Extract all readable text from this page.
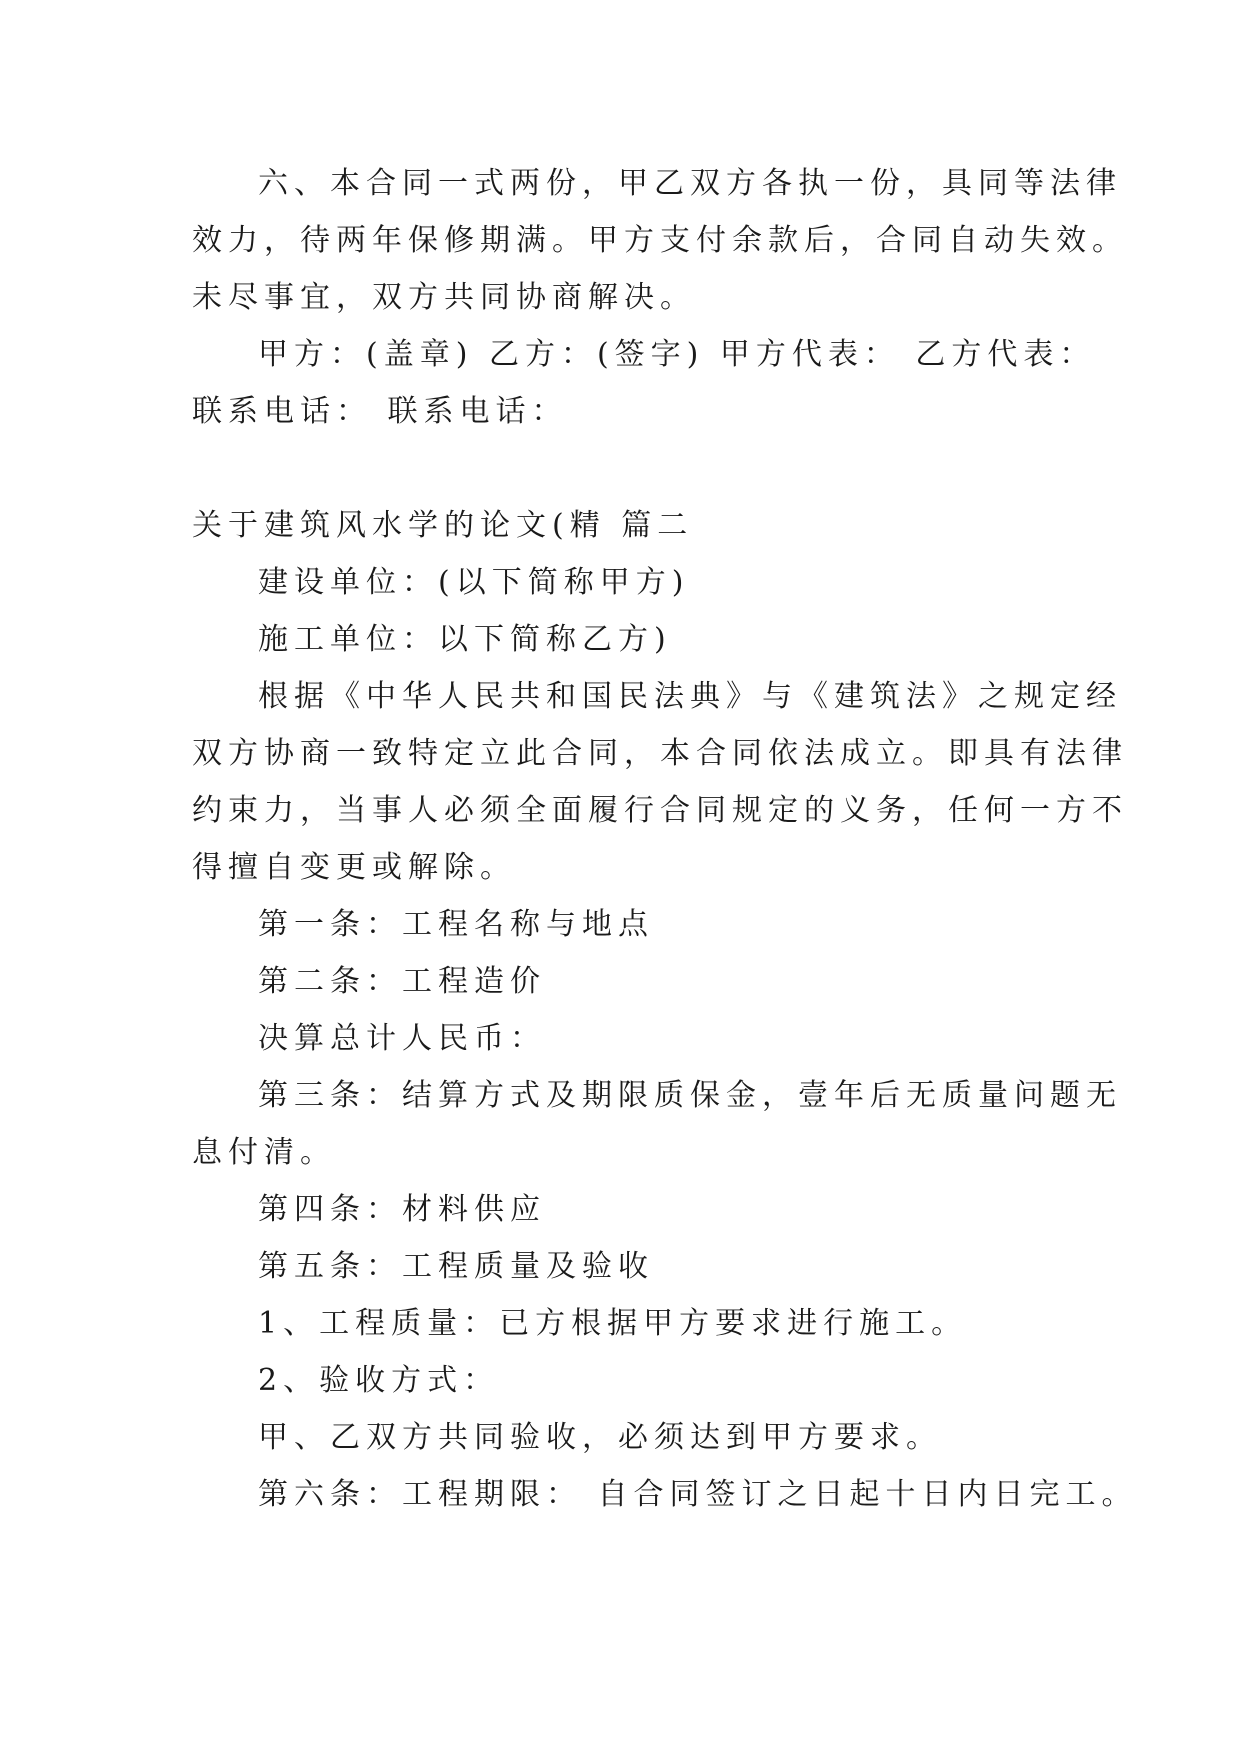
六、本合同一式两份，甲乙双方各执一份，具同等法律
效力，待两年保修期满。甲方支付余款后，合同自动失效。
未尽事宜，双方共同协商解决。
甲方：(盖章) 乙方：(签字) 甲方代表： 乙方代表：
联系电话： 联系电话：
关于建筑风水学的论文(精 篇二
建设单位：(以下简称甲方)
施工单位：以下简称乙方)
根据《中华人民共和国民法典》与《建筑法》之规定经
双方协商一致特定立此合同，本合同依法成立。即具有法律
约束力，当事人必须全面履行合同规定的义务，任何一方不
得擅自变更或解除。
第一条：工程名称与地点
第二条：工程造价
决算总计人民币：
第三条：结算方式及期限质保金，壹年后无质量问题无
息付清。
第四条：材料供应
第五条：工程质量及验收
1、工程质量：已方根据甲方要求进行施工。
2、验收方式：
甲、乙双方共同验收，必须达到甲方要求。
第六条：工程期限： 自合同签订之日起十日内日完工。
